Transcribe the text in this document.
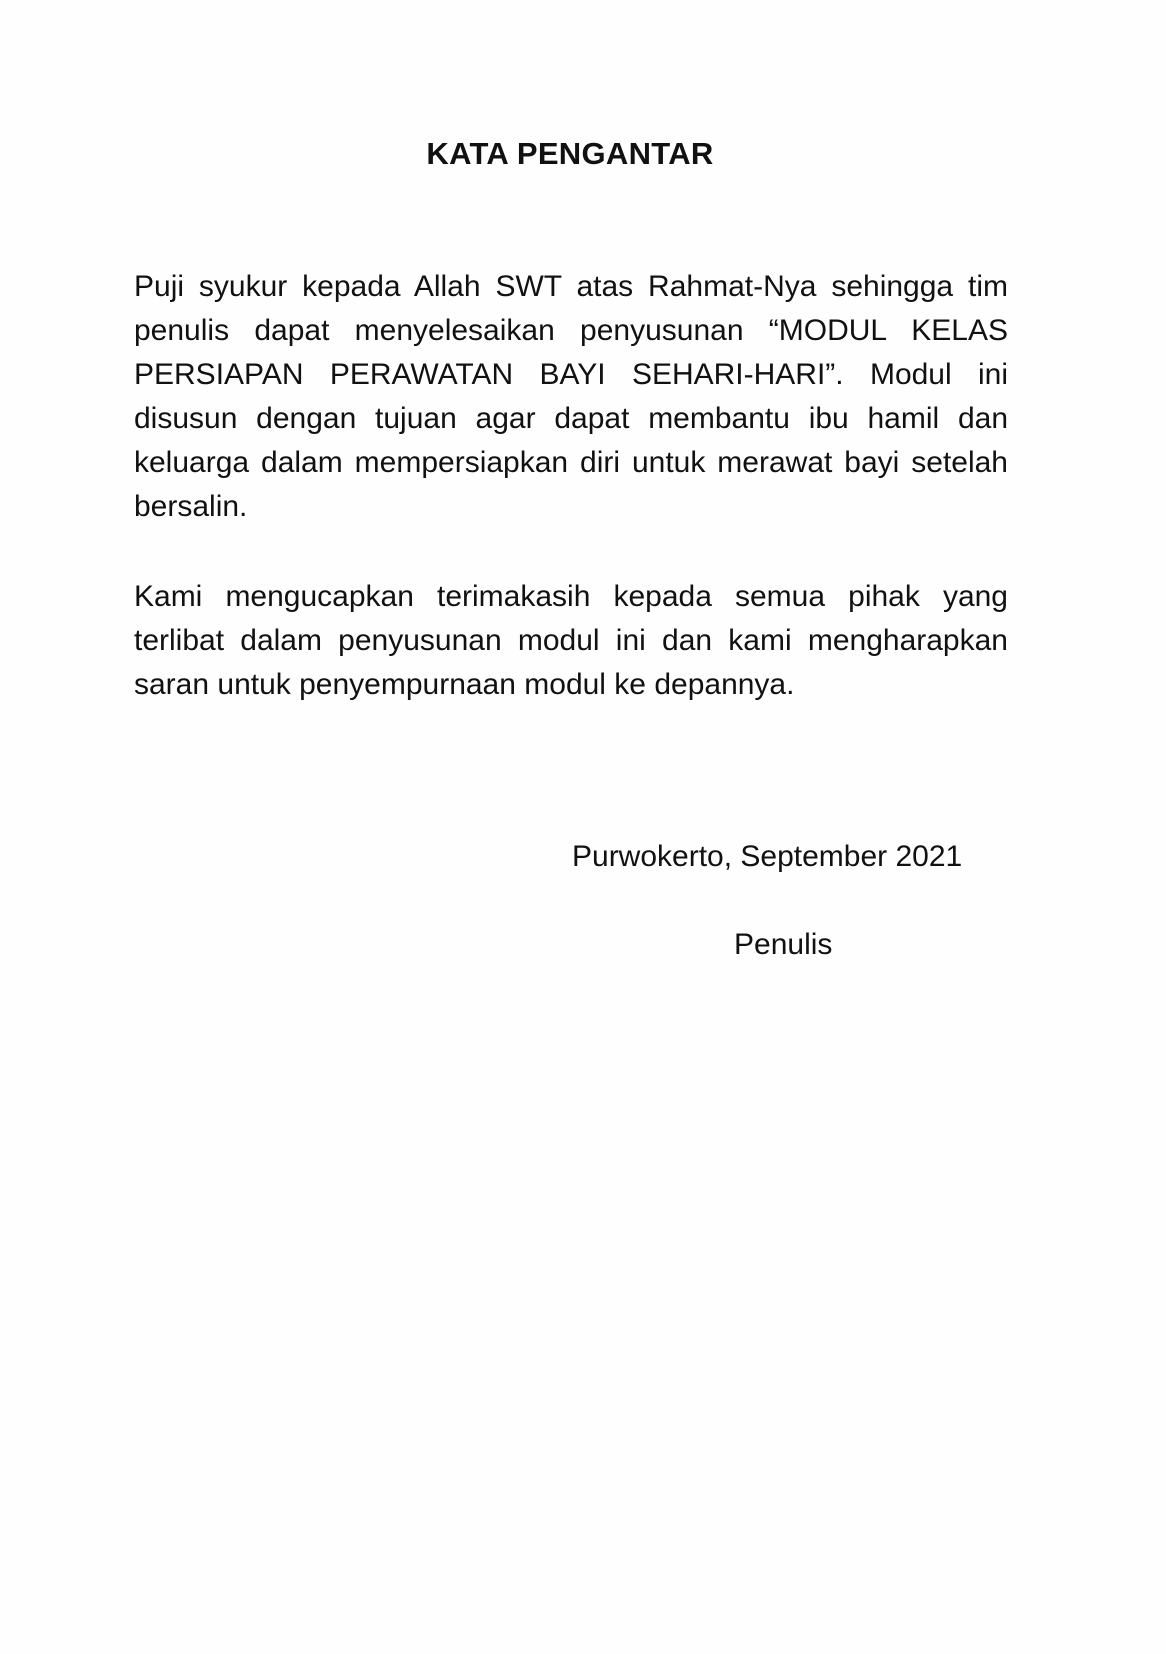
KATA PENGANTAR

Puji syukur kepada Allah SWT atas Rahmat-Nya sehingga tim penulis dapat menyelesaikan penyusunan “MODUL KELAS PERSIAPAN PERAWATAN BAYI SEHARI-HARI”. Modul ini disusun dengan tujuan agar dapat membantu ibu hamil dan keluarga dalam mempersiapkan diri untuk merawat bayi setelah bersalin.

Kami mengucapkan terimakasih kepada semua pihak yang terlibat dalam penyusunan modul ini dan kami mengharapkan saran untuk penyempurnaan modul ke depannya.

Purwokerto, September 2021
Penulis
